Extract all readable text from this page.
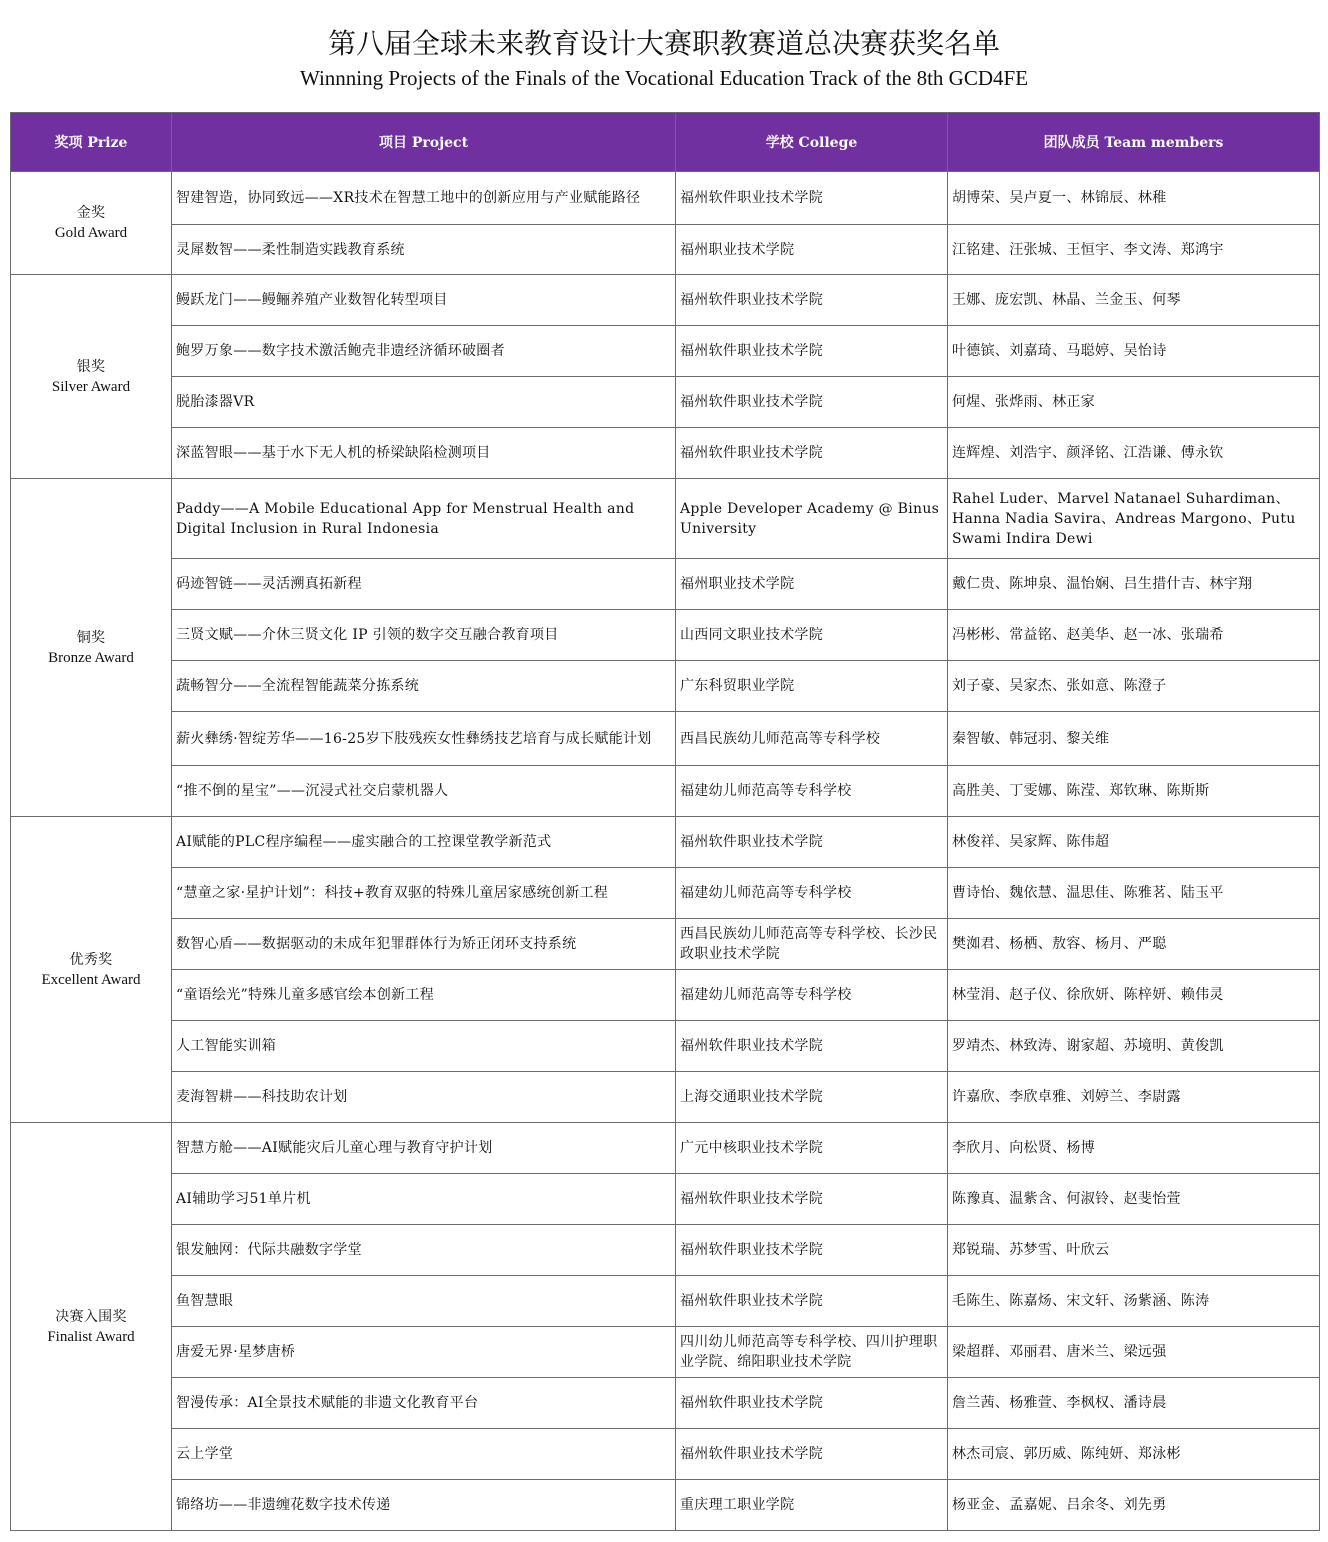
第八届全球未来教育设计大赛职教赛道总决赛获奖名单
Winnning Projects of the Finals of the Vocational Education Track of the 8th GCD4FE
奖项 Prize	项目 Project	学校 College	团队成员 Team members

金奖
Gold Award	智建智造，协同致远——XR技术在智慧工地中的创新应用与产业赋能路径	福州软件职业技术学院	胡博荣、吴卢夏一、林锦辰、林稚
	灵犀数智——柔性制造实践教育系统	福州职业技术学院	江铭建、汪张城、王恒宇、李文涛、郑鸿宇

银奖
Silver Award	鳗跃龙门——鳗鲡养殖产业数智化转型项目	福州软件职业技术学院	王娜、庞宏凯、林晶、兰金玉、何琴
	鲍罗万象——数字技术激活鲍壳非遗经济循环破圈者	福州软件职业技术学院	叶德镔、刘嘉琦、马聪婷、吴怡诗
	脱胎漆器VR	福州软件职业技术学院	何煋、张烨雨、林正家
	深蓝智眼——基于水下无人机的桥梁缺陷检测项目	福州软件职业技术学院	连辉煌、刘浩宇、颜泽铭、江浩谦、傅永钦

铜奖
Bronze Award	Paddy——A Mobile Educational App for Menstrual Health and Digital Inclusion in Rural Indonesia	Apple Developer Academy @ Binus University	Rahel Luder、Marvel Natanael Suhardiman、Hanna Nadia Savira、Andreas Margono、Putu Swami Indira Dewi
	码迹智链——灵活溯真拓新程	福州职业技术学院	戴仁贵、陈坤泉、温怡娴、吕生措什吉、林宇翔
	三贤文赋——介休三贤文化 IP 引领的数字交互融合教育项目	山西同文职业技术学院	冯彬彬、常益铭、赵美华、赵一冰、张瑞希
	蔬畅智分——全流程智能蔬菜分拣系统	广东科贸职业学院	刘子豪、吴家杰、张如意、陈澄子
	薪火彝绣·智绽芳华——16-25岁下肢残疾女性彝绣技艺培育与成长赋能计划	西昌民族幼儿师范高等专科学校	秦智敏、韩冠羽、黎关维
	“推不倒的星宝”——沉浸式社交启蒙机器人	福建幼儿师范高等专科学校	高胜美、丁雯娜、陈滢、郑钦琳、陈斯斯

优秀奖
Excellent Award	AI赋能的PLC程序编程——虚实融合的工控课堂教学新范式	福州软件职业技术学院	林俊祥、吴家辉、陈伟超
	“慧童之家·星护计划”：科技+教育双驱的特殊儿童居家感统创新工程	福建幼儿师范高等专科学校	曹诗怡、魏依慧、温思佳、陈雅茗、陆玉平
	数智心盾——数据驱动的未成年犯罪群体行为矫正闭环支持系统	西昌民族幼儿师范高等专科学校、长沙民政职业技术学院	樊洳君、杨栖、敖容、杨月、严聪
	“童语绘光”特殊儿童多感官绘本创新工程	福建幼儿师范高等专科学校	林莹涓、赵子仪、徐欣妍、陈梓妍、赖伟灵
	人工智能实训箱	福州软件职业技术学院	罗靖杰、林致涛、谢家超、苏境明、黄俊凯
	麦海智耕——科技助农计划	上海交通职业技术学院	许嘉欣、李欣卓雅、刘婷兰、李尉露

决赛入围奖
Finalist Award	智慧方舱——AI赋能灾后儿童心理与教育守护计划	广元中核职业技术学院	李欣月、向松贤、杨博
	AI辅助学习51单片机	福州软件职业技术学院	陈豫真、温紫含、何淑铃、赵斐怡萱
	银发触网：代际共融数字学堂	福州软件职业技术学院	郑锐瑞、苏梦雪、叶欣云
	鱼智慧眼	福州软件职业技术学院	毛陈生、陈嘉炀、宋文轩、汤紫涵、陈涛
	唐爱无界·星梦唐桥	四川幼儿师范高等专科学校、四川护理职业学院、绵阳职业技术学院	梁超群、邓丽君、唐米兰、梁远强
	智漫传承：AI全景技术赋能的非遗文化教育平台	福州软件职业技术学院	詹兰茜、杨雅萱、李枫权、潘诗晨
	云上学堂	福州软件职业技术学院	林杰司宸、郭历威、陈纯妍、郑泳彬
	锦络坊——非遗缠花数字技术传递	重庆理工职业学院	杨亚金、孟嘉妮、吕余冬、刘先勇
